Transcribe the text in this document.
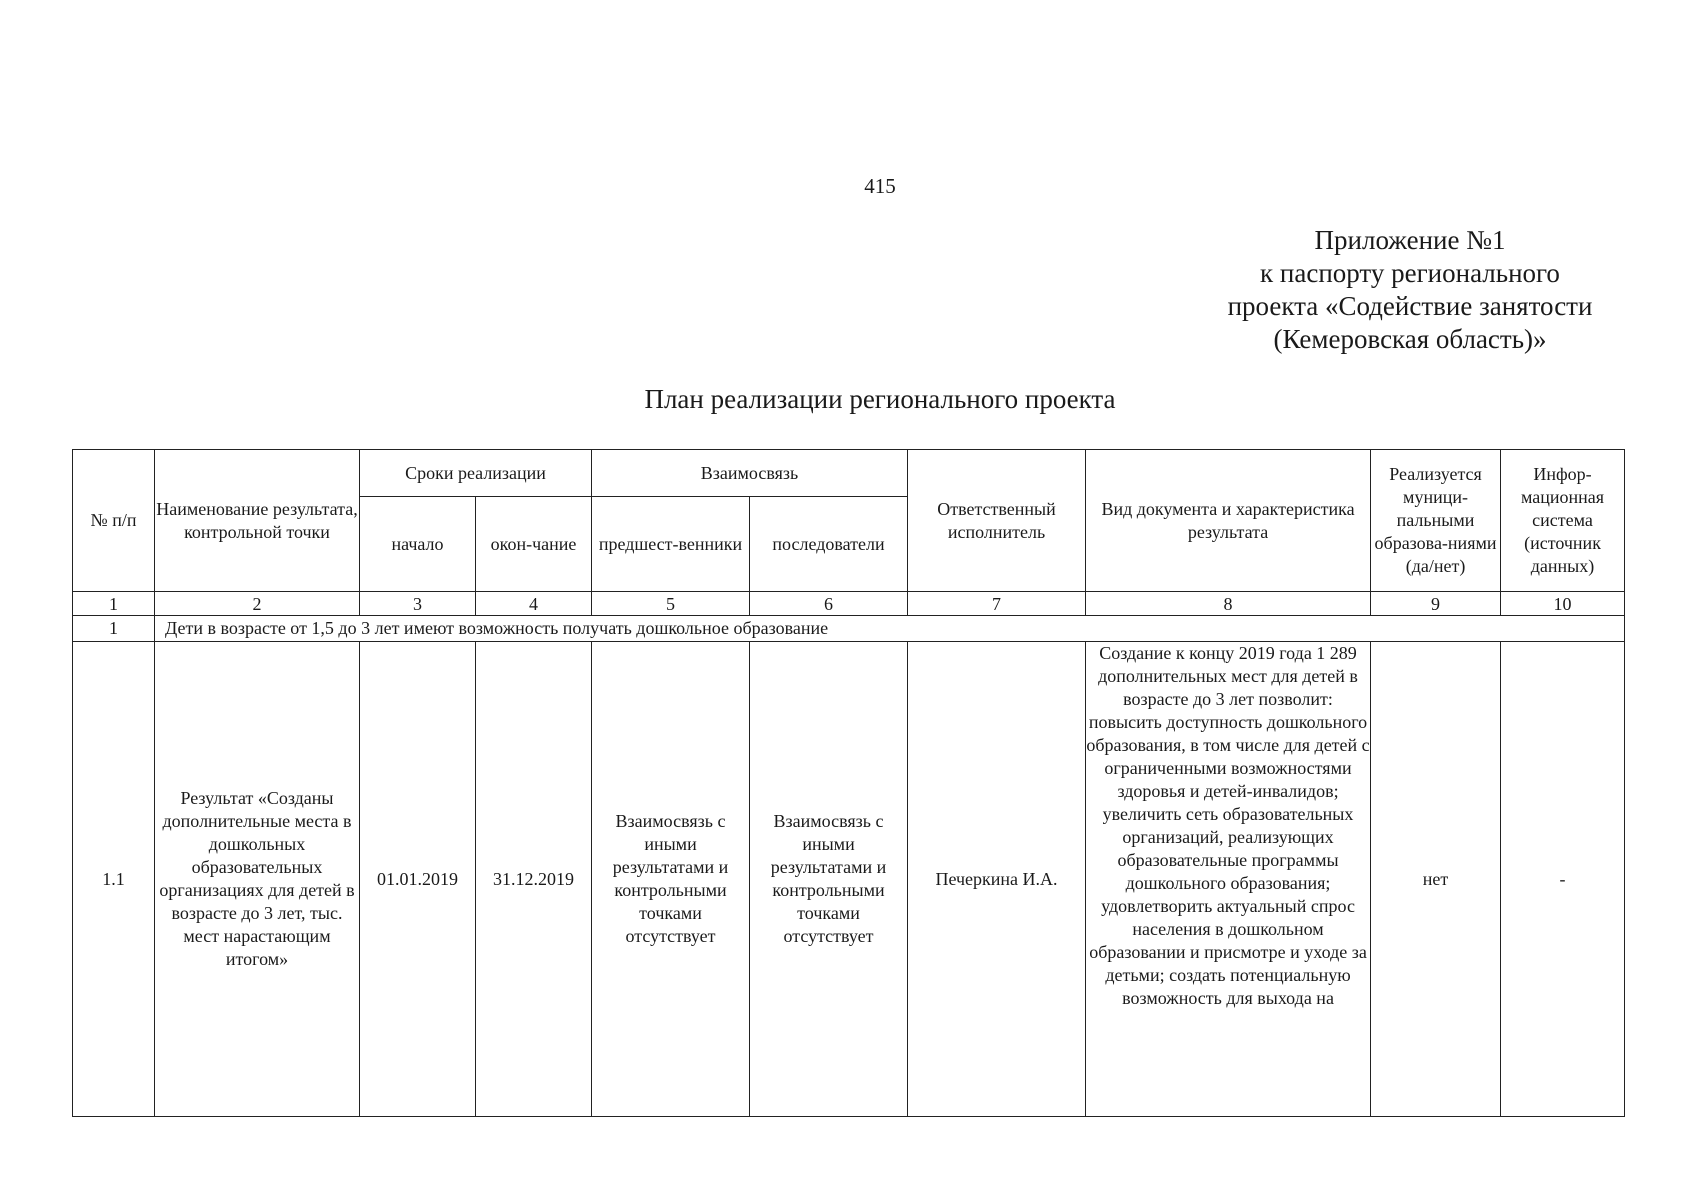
415
Приложение №1
к паспорту регионального
проекта «Содействие занятости
(Кемеровская область)»
План реализации регионального проекта
№ п/п	Наименование результата, контрольной точки	Сроки реализации		Взаимосвязь		Ответственный исполнитель	Вид документа и характеристика результата	Реализуется муници-пальными образова-ниями (да/нет)	Инфор-мационная система (источник данных)
		начало	окон-чание	предшест-венники	последователи				
1	2	3	4	5	6	7	8	9	10
1	Дети в возрасте от 1,5 до 3 лет имеют возможность получать дошкольное образование								
1.1	Результат «Созданы дополнительные места в дошкольных образовательных организациях для детей в возрасте до 3 лет, тыс. мест нарастающим итогом»	01.01.2019	31.12.2019	Взаимосвязь с иными результатами и контрольными точками отсутствует	Взаимосвязь с иными результатами и контрольными точками отсутствует	Печеркина И.А.	Создание к концу 2019 года 1 289 дополнительных мест для детей в возрасте до 3 лет позволит: повысить доступность дошкольного образования, в том числе для детей с ограниченными возможностями здоровья и детей-инвалидов; увеличить сеть образовательных организаций, реализующих образовательные программы дошкольного образования; удовлетворить актуальный спрос населения в дошкольном образовании и присмотре и уходе за детьми; создать потенциальную возможность для выхода на	нет	-
